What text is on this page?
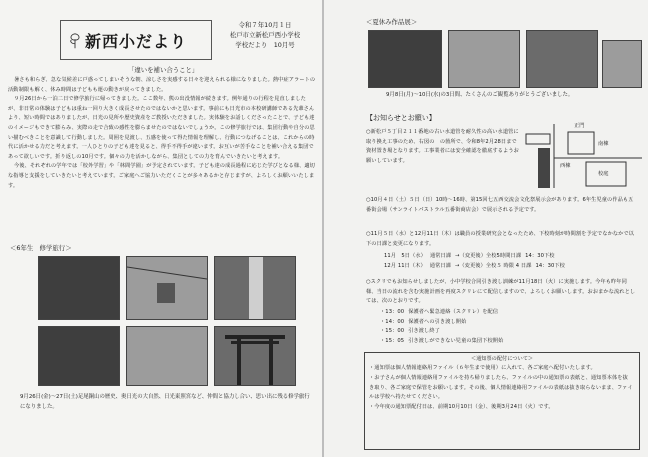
新西小だより
令和７年10月１日
松戸市立新松戸西小学校
学校だより　10月号
「違いを補い合うこと」

暑さも和らぎ、急な気候差に戸惑ってしまいそうな朝、涼しさを実感する日々を迎えられる様になりました。熱中症アラートの活動制限も解く、休み時間は子どもも運の動きが戻ってきました。

９月26日から一泊二日で修学旅行に帰ってきました。ここ数年、熊の出没情報が続きます。例年通りの行程を見直しましたが、非日常の体験は子どもは重ね一回り大きく成長させたのではないかと思います。事前にも日光市の本校研講師である先輩さんより、短い時間ではありましたが、日光の見所や歴史資産をご教授いただきました。実体験をお話しくださったことで、子ども達のイメージもできて膨らみ、実際の走で合致の感性を膨らませたのではないでしょうか。この修学旅行では、集団行動や自分の思い描むべきことを意識して行動しました。周囲を見渡し、五感を使って得た情報を理解し、行動につなげることは、これからの時代に活かせる力だと考えます。一人ひとりの子ども達を見ると、得手不得手が違います。お互いが苦手なことを補い合える集団であって欲しいです。折り返しの10月です。個々の力を活かしながら、集団としての力を育んでいきたいと考えます。

今後、それぞれの学年では「校外学習」や「林間学園」が予定されています。子ども達の成長過程に応じた学びとなる様、適切な指導と支援をしていきたいと考えています。ご家庭へご協力いただくことが多々あるかと存じますが、よろしくお願いいたします。

＜6年生　修学旅行＞
9月26日(金)～27日(土)足尾銅山の歴史、奥日光の大自然、日光東照宮など、仲間と協力し合い、思い出に残る修学旅行になりました。
＜夏休み作品展＞
9月8日(月)～10日(水)の3日間、たくさんのご観覧ありがとうございました。
【お知らせとお願い】
○新松戸５丁目２１１番地の古い水道管を耐久性の高い水道管に取り換え工事のため、右図の　の箇所で、令和8年2月28日まで資材置き場となります。工事業者には安全確認を徹底するようお願いしています。
正門
南棟
西棟
校庭
○10月４日（土）５日（日）10時～16時、第15回七五西交流会文化祭展示会があります。6年生児童の作品も五番街会場（サンライトパストラル五番街商店会）で展示される予定です。
○11月５日（水）と12月11日（木）は職員の授業研究会となったため、下校時刻が時間割を予定でなかなかで以下の日課と変更になります。
11月　5日（水） 通常日課 →（変更後）全校5時間日課 14：30下校
12月 11日（木） 通常日課 →（変更後）全校５ 時限 4 日課 14：30下校
○スクリでもお知らせしましたが、小中学校合同引き渡し訓練が11月18日（火）に実施します。今年も昨年同様、当日の流れを含む実施計画を再度スクリレにて配信しますので、よろしくお願いします。おおまかな流れとしては、次のとおりです。
・13：00 保護者へ緊急連絡（スクリレ）を配信
・14：00 保護者への引き渡し開始
・15：00 引き渡し終了
・15：05 引き渡しができない児童の集団下校開始
＜通知票の配付について＞
・通知票は個人情報連絡用ファイル（６年生まで使用）に入れて、各ご家庭へ配付いたします。
・お子さんが個人情報連絡用ファイルを持ち帰りましたら、ファイルの中の通知票の表紙と、通知票本体を抜き取り、各ご家庭で保管をお願いします。その後、個人情報連絡用ファイルの表紙は抜き取らないまま、ファイルは学校へ持たせてください。
・今年度の通知票配付日は、前期10月10日（金）、後期3月24日（火）です。
